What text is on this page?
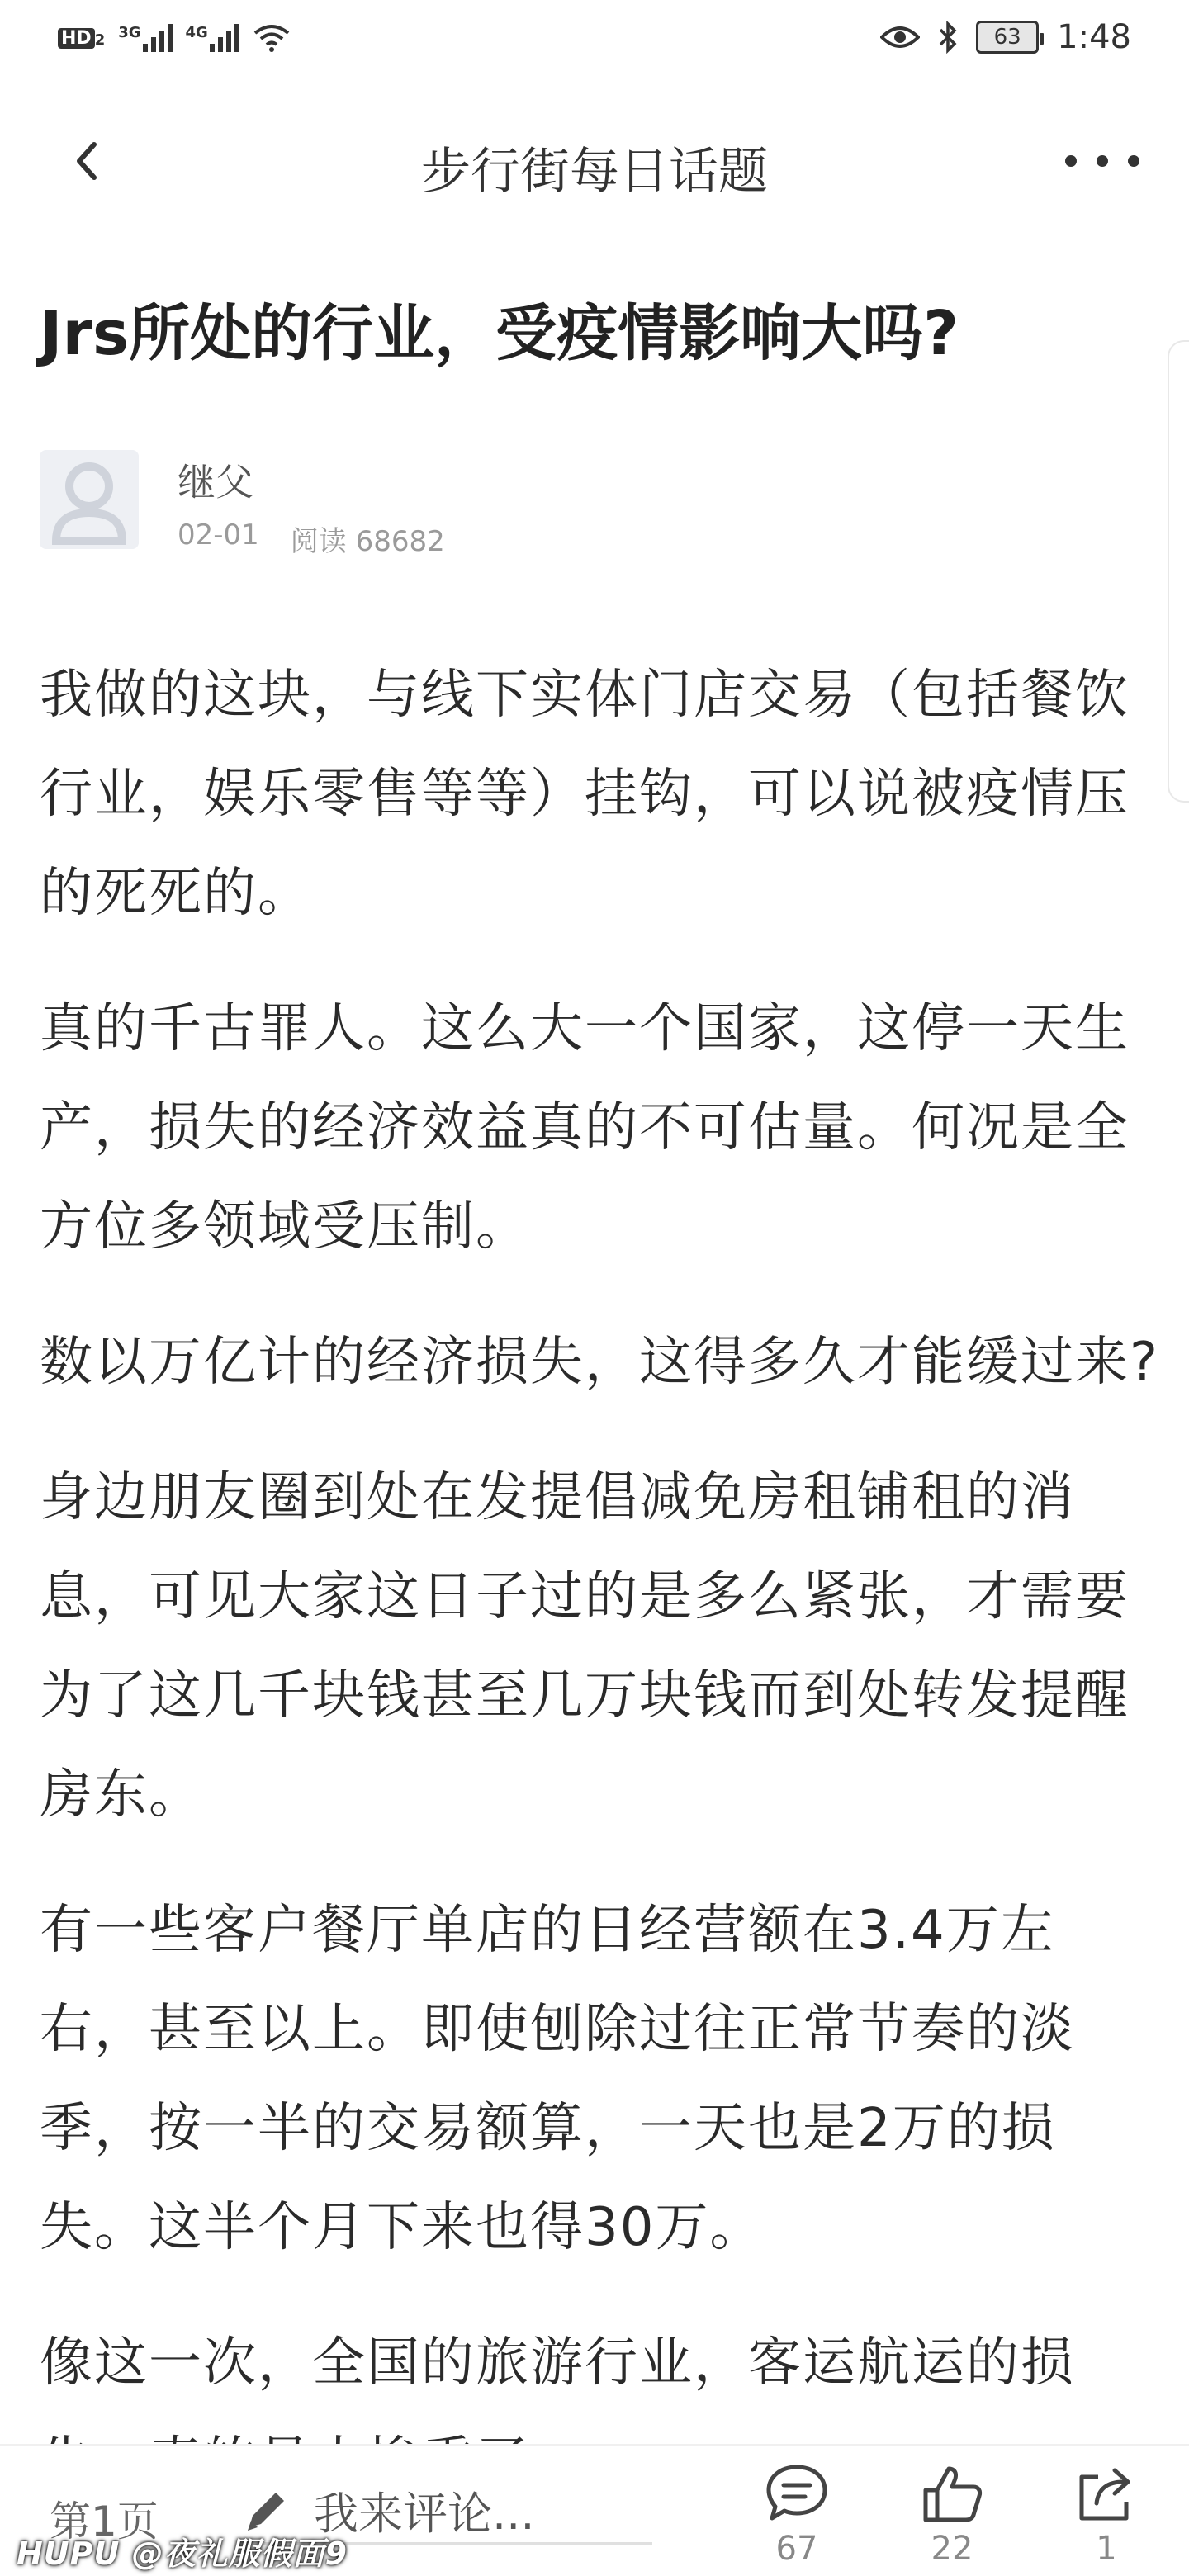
HD 2 3G	4G	63 1:48
步行街每日话题
Jrs所处的行业，受疫情影响大吗?
继父
02-01 阅读 68682

我做的这块，与线下实体门店交易（包括餐饮行业，娱乐零售等等）挂钩，可以说被疫情压的死死的。

真的千古罪人。这么大一个国家，这停一天生产，损失的经济效益真的不可估量。何况是全方位多领域受压制。

数以万亿计的经济损失，这得多久才能缓过来?

身边朋友圈到处在发提倡减免房租铺租的消息，可见大家这日子过的是多么紧张，才需要为了这几千块钱甚至几万块钱而到处转发提醒房东。

有一些客户餐厅单店的日经营额在3.4万左右，甚至以上。即使刨除过往正常节奏的淡季，按一半的交易额算，一天也是2万的损失。这半个月下来也得30万。

像这一次，全国的旅游行业，客运航运的损

第1页	我来评论...
67	22	1
HUPU @夜礼服假面9
